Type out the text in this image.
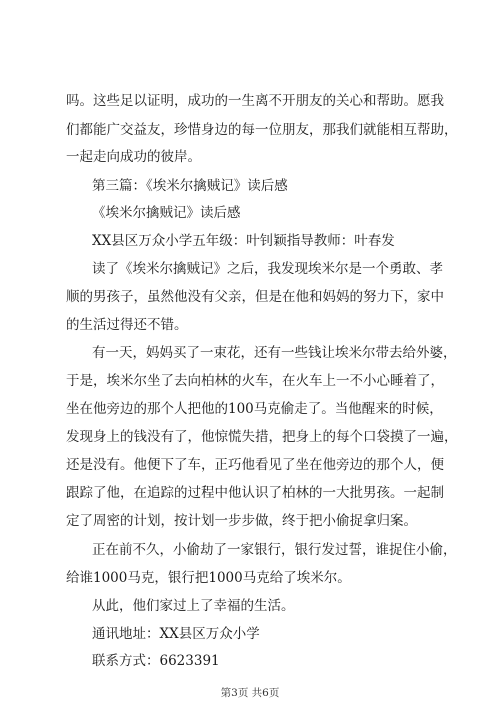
吗。这些足以证明，成功的一生离不开朋友的关心和帮助。愿我
们都能广交益友，珍惜身边的每一位朋友，那我们就能相互帮助，
一起走向成功的彼岸。
第三篇：《埃米尔擒贼记》读后感
《埃米尔擒贼记》读后感
XX县区万众小学五年级：叶钊颖指导教师：叶春发
读了《埃米尔擒贼记》之后，我发现埃米尔是一个勇敢、孝
顺的男孩子，虽然他没有父亲，但是在他和妈妈的努力下，家中
的生活过得还不错。
有一天，妈妈买了一束花，还有一些钱让埃米尔带去给外婆，
于是，埃米尔坐了去向柏林的火车，在火车上一不小心睡着了，
坐在他旁边的那个人把他的100马克偷走了。当他醒来的时候，
发现身上的钱没有了，他惊慌失措，把身上的每个口袋摸了一遍，
还是没有。他便下了车，正巧他看见了坐在他旁边的那个人，便
跟踪了他，在追踪的过程中他认识了柏林的一大批男孩。一起制
定了周密的计划，按计划一步步做，终于把小偷捉拿归案。
正在前不久，小偷劫了一家银行，银行发过誓，谁捉住小偷，
给谁1000马克，银行把1000马克给了埃米尔。
从此，他们家过上了幸福的生活。
通讯地址：XX县区万众小学
联系方式：6623391
第3页 共6页
